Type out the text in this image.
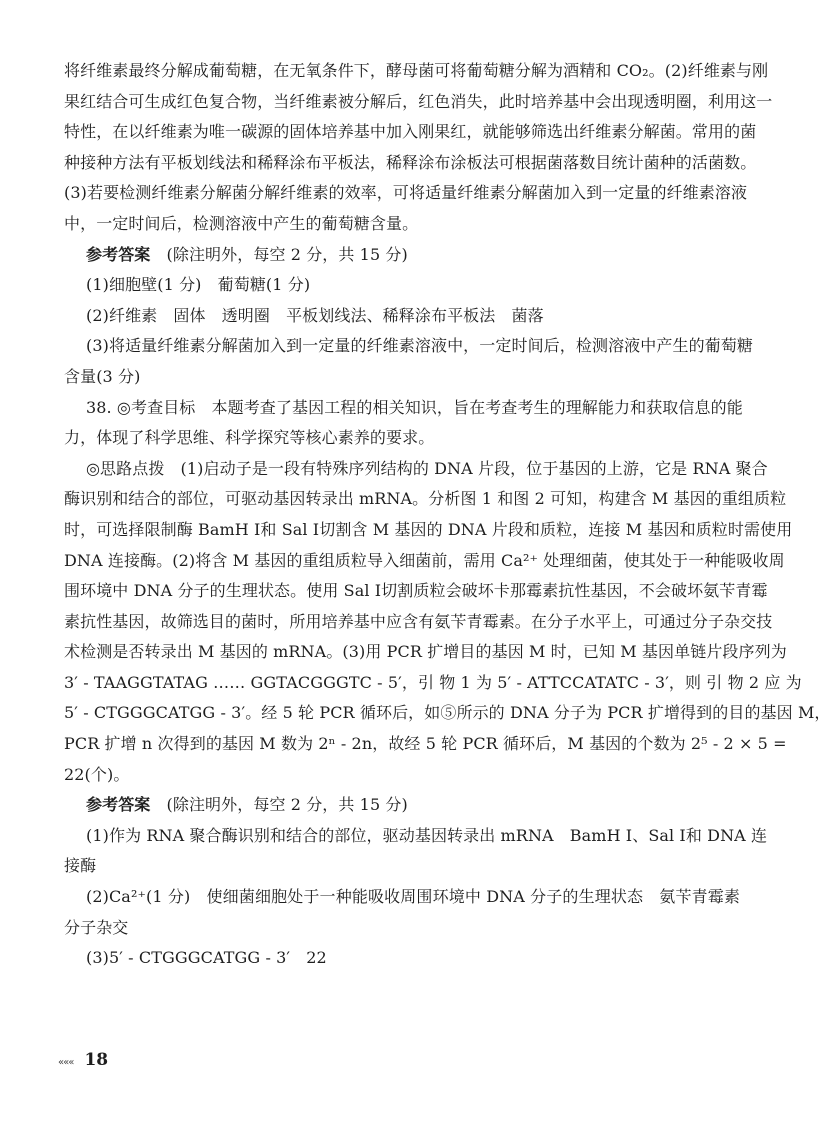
将纤维素最终分解成葡萄糖，在无氧条件下，酵母菌可将葡萄糖分解为酒精和 CO₂。(2)纤维素与刚
果红结合可生成红色复合物，当纤维素被分解后，红色消失，此时培养基中会出现透明圈，利用这一
特性，在以纤维素为唯一碳源的固体培养基中加入刚果红，就能够筛选出纤维素分解菌。常用的菌
种接种方法有平板划线法和稀释涂布平板法，稀释涂布涂板法可根据菌落数目统计菌种的活菌数。
(3)若要检测纤维素分解菌分解纤维素的效率，可将适量纤维素分解菌加入到一定量的纤维素溶液
中，一定时间后，检测溶液中产生的葡萄糖含量。
参考答案　(除注明外，每空 2 分，共 15 分)
(1)细胞壁(1 分)　葡萄糖(1 分)
(2)纤维素　固体　透明圈　平板划线法、稀释涂布平板法　菌落
(3)将适量纤维素分解菌加入到一定量的纤维素溶液中，一定时间后，检测溶液中产生的葡萄糖
含量(3 分)
38. ◎考查目标　本题考查了基因工程的相关知识，旨在考查考生的理解能力和获取信息的能
力，体现了科学思维、科学探究等核心素养的要求。
◎思路点拨　(1)启动子是一段有特殊序列结构的 DNA 片段，位于基因的上游，它是 RNA 聚合
酶识别和结合的部位，可驱动基因转录出 mRNA。分析图 1 和图 2 可知，构建含 M 基因的重组质粒
时，可选择限制酶 BamH Ⅰ和 Sal Ⅰ切割含 M 基因的 DNA 片段和质粒，连接 M 基因和质粒时需使用
DNA 连接酶。(2)将含 M 基因的重组质粒导入细菌前，需用 Ca²⁺ 处理细菌，使其处于一种能吸收周
围环境中 DNA 分子的生理状态。使用 Sal Ⅰ切割质粒会破坏卡那霉素抗性基因，不会破坏氨苄青霉
素抗性基因，故筛选目的菌时，所用培养基中应含有氨苄青霉素。在分子水平上，可通过分子杂交技
术检测是否转录出 M 基因的 mRNA。(3)用 PCR 扩增目的基因 M 时，已知 M 基因单链片段序列为
3′ - TAAGGTATAG …… GGTACGGGTC - 5′，引 物 1 为 5′ - ATTCCATATC - 3′，则 引 物 2 应 为
5′ - CTGGGCATGG - 3′。经 5 轮 PCR 循环后，如⑤所示的 DNA 分子为 PCR 扩增得到的目的基因 M，
PCR 扩增 n 次得到的基因 M 数为 2ⁿ - 2n，故经 5 轮 PCR 循环后，M 基因的个数为 2⁵ - 2 × 5 =
22(个)。
参考答案　(除注明外，每空 2 分，共 15 分)
(1)作为 RNA 聚合酶识别和结合的部位，驱动基因转录出 mRNA　BamH Ⅰ、Sal Ⅰ和 DNA 连
接酶
(2)Ca²⁺(1 分)　使细菌细胞处于一种能吸收周围环境中 DNA 分子的生理状态　氨苄青霉素
分子杂交
(3)5′ - CTGGGCATGG - 3′　22
««« 18
